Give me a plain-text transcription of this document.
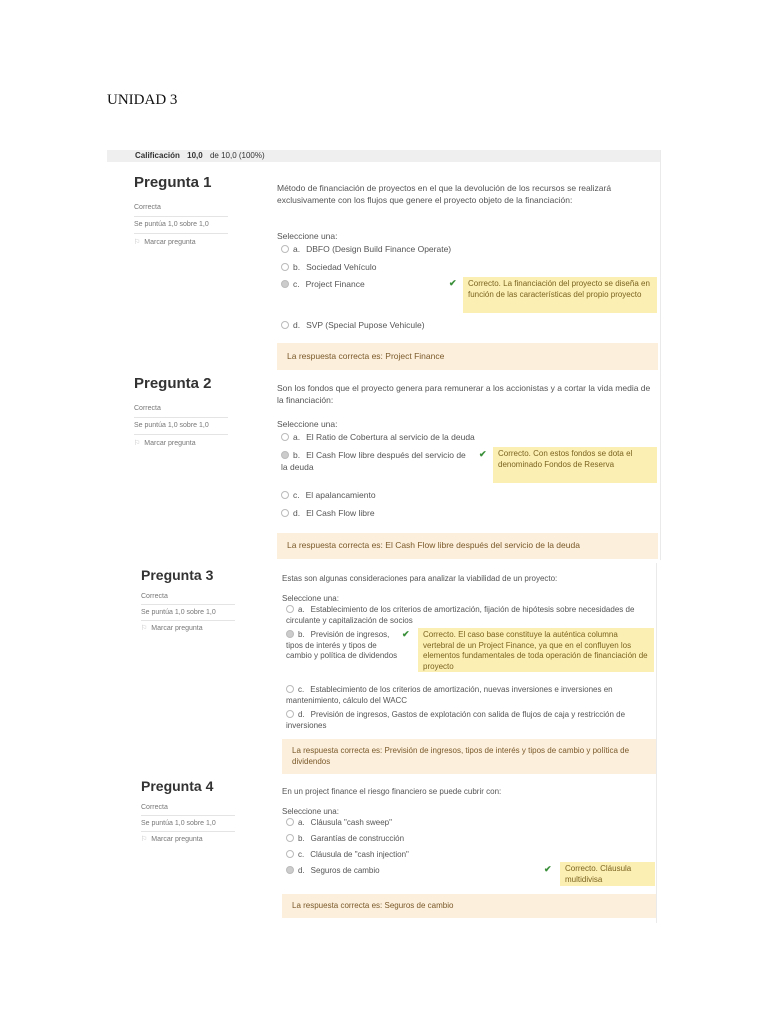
UNIDAD 3
Calificación 10,0 de 10,0 (100%)
Pregunta 1
Correcta
Se puntúa 1,0 sobre 1,0
⚐ Marcar pregunta
Método de financiación de proyectos en el que la devolución de los recursos se realizará exclusivamente con los flujos que genere el proyecto objeto de la financiación:
Seleccione una:
a. DBFO (Design Build Finance Operate)
b. Sociedad Vehículo
c. Project Finance	✔	Correcto. La financiación del proyecto se diseña en función de las características del propio proyecto
d. SVP (Special Pupose Vehicule)
La respuesta correcta es: Project Finance
Pregunta 2
Correcta
Se puntúa 1,0 sobre 1,0
⚐ Marcar pregunta
Son los fondos que el proyecto genera para remunerar a los accionistas y a cortar la vida media de la financiación:
Seleccione una:
a. El Ratio de Cobertura al servicio de la deuda
b. El Cash Flow libre después del servicio de la deuda
✔	Correcto. Con estos fondos se dota el denominado Fondos de Reserva
c. El apalancamiento
d. El Cash Flow libre
La respuesta correcta es: El Cash Flow libre después del servicio de la deuda
Pregunta 3
Correcta
Se puntúa 1,0 sobre 1,0
⚐ Marcar pregunta
Estas son algunas consideraciones para analizar la viabilidad de un proyecto:
Seleccione una:
a. Establecimiento de los criterios de amortización, fijación de hipótesis sobre necesidades de circulante y capitalización de socios
b. Previsión de ingresos, tipos de interés y tipos de cambio y política de dividendos
✔	Correcto. El caso base constituye la auténtica columna vertebral de un Project Finance, ya que en el confluyen los elementos fundamentales de toda operación de financiación de proyecto
c. Establecimiento de los criterios de amortización, nuevas inversiones e inversiones en mantenimiento, cálculo del WACC
d. Previsión de ingresos, Gastos de explotación con salida de flujos de caja y restricción de inversiones
La respuesta correcta es: Previsión de ingresos, tipos de interés y tipos de cambio y política de dividendos
Pregunta 4
Correcta
Se puntúa 1,0 sobre 1,0
⚐ Marcar pregunta
En un project finance el riesgo financiero se puede cubrir con:
Seleccione una:
a. Cláusula "cash sweep"
b. Garantías de construcción
c. Cláusula de "cash injection"
d. Seguros de cambio	✔	Correcto. Cláusula multidivisa
La respuesta correcta es: Seguros de cambio
